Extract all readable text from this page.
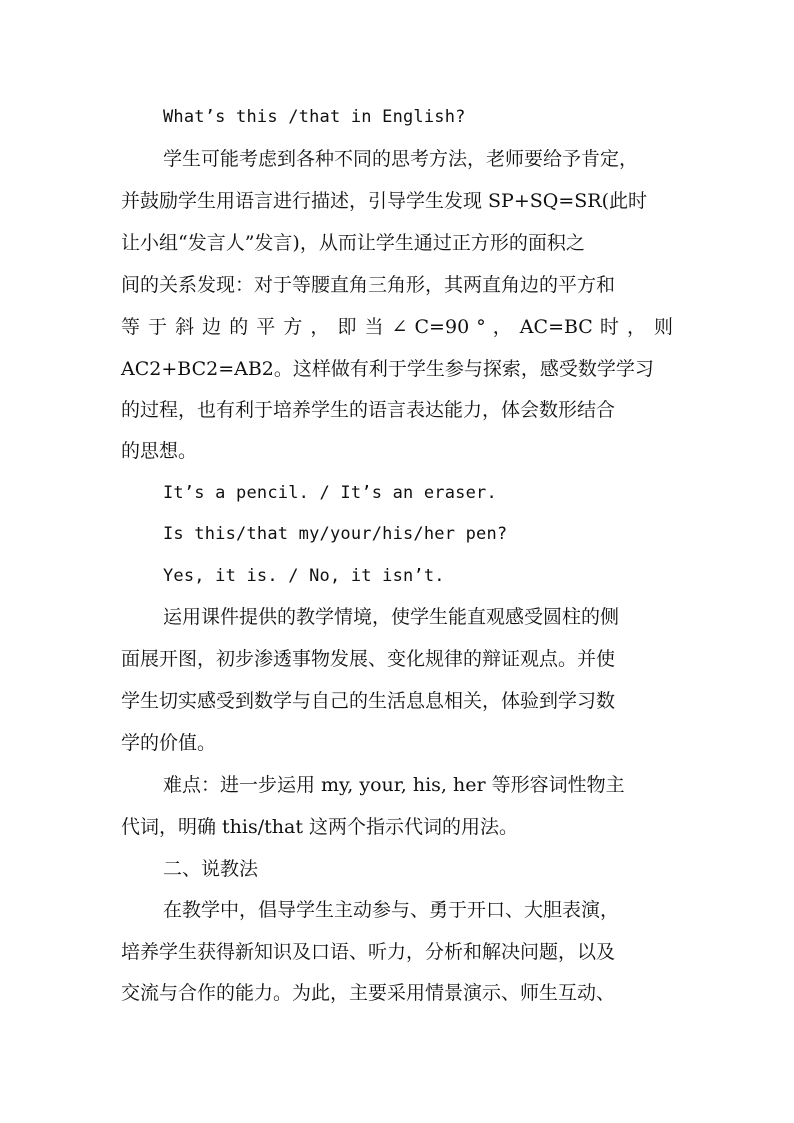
What’s this /that in English?
学生可能考虑到各种不同的思考方法，老师要给予肯定，
并鼓励学生用语言进行描述，引导学生发现 SP+SQ=SR(此时
让小组“发言人”发言)，从而让学生通过正方形的面积之
间的关系发现：对于等腰直角三角形，其两直角边的平方和
等 于 斜 边 的 平 方 ， 即 当 ∠ C=90 ° ， AC=BC 时 ， 则
AC2+BC2=AB2。这样做有利于学生参与探索，感受数学学习
的过程，也有利于培养学生的语言表达能力，体会数形结合
的思想。
It’s a pencil. / It’s an eraser.
Is this/that my/your/his/her pen?
Yes, it is. / No, it isn’t.
运用课件提供的教学情境，使学生能直观感受圆柱的侧
面展开图，初步渗透事物发展、变化规律的辩证观点。并使
学生切实感受到数学与自己的生活息息相关，体验到学习数
学的价值。
难点：进一步运用 my, your, his, her 等形容词性物主
代词，明确 this/that 这两个指示代词的用法。
二、说教法
在教学中，倡导学生主动参与、勇于开口、大胆表演，
培养学生获得新知识及口语、听力，分析和解决问题，以及
交流与合作的能力。为此，主要采用情景演示、师生互动、
